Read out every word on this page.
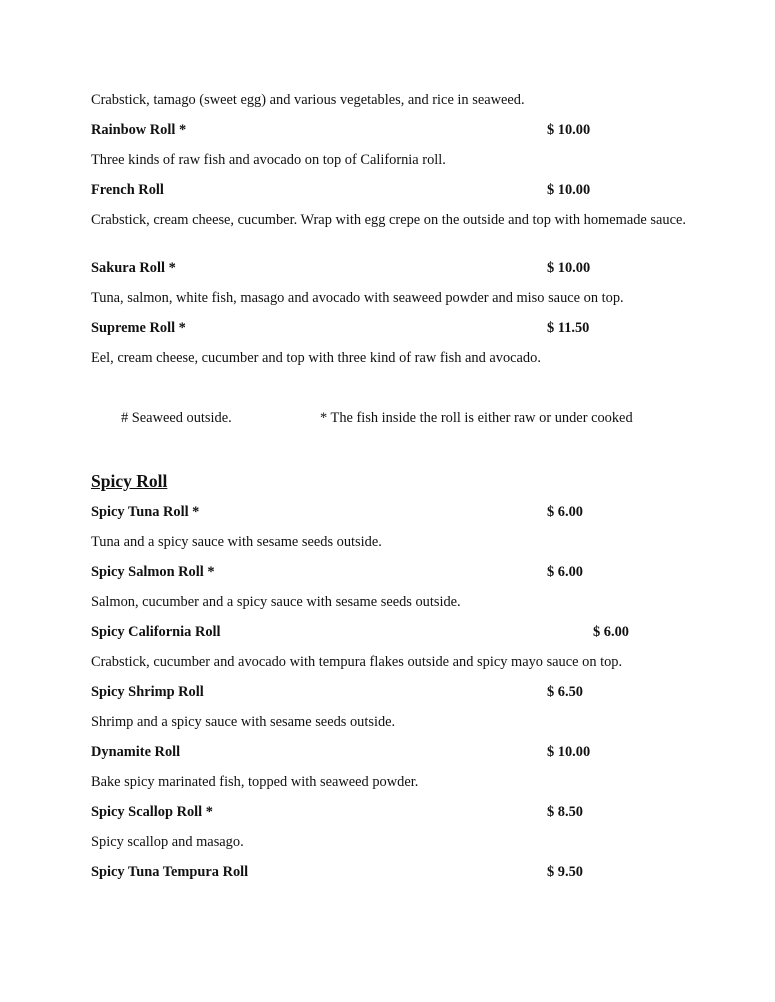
Crabstick, tamago (sweet egg) and various vegetables, and rice in seaweed.
Rainbow Roll *	$ 10.00
Three kinds of raw fish and avocado on top of California roll.
French Roll	$ 10.00
Crabstick, cream cheese, cucumber. Wrap with egg crepe on the outside and top with homemade sauce.
Sakura Roll *	$ 10.00
Tuna, salmon, white fish, masago and avocado with seaweed powder and miso sauce on top.
Supreme Roll *	$ 11.50
Eel, cream cheese, cucumber and top with three kind of raw fish and avocado.
# Seaweed outside.	* The fish inside the roll is either raw or under cooked
Spicy Roll
Spicy Tuna Roll *	$ 6.00
Tuna and a spicy sauce with sesame seeds outside.
Spicy Salmon Roll *	$ 6.00
Salmon, cucumber and a spicy sauce with sesame seeds outside.
Spicy California Roll	$ 6.00
Crabstick, cucumber and avocado with tempura flakes outside and spicy mayo sauce on top.
Spicy Shrimp Roll	$ 6.50
Shrimp and a spicy sauce with sesame seeds outside.
Dynamite Roll	$ 10.00
Bake spicy marinated fish, topped with seaweed powder.
Spicy Scallop Roll *	$ 8.50
Spicy scallop and masago.
Spicy Tuna Tempura Roll	$ 9.50
